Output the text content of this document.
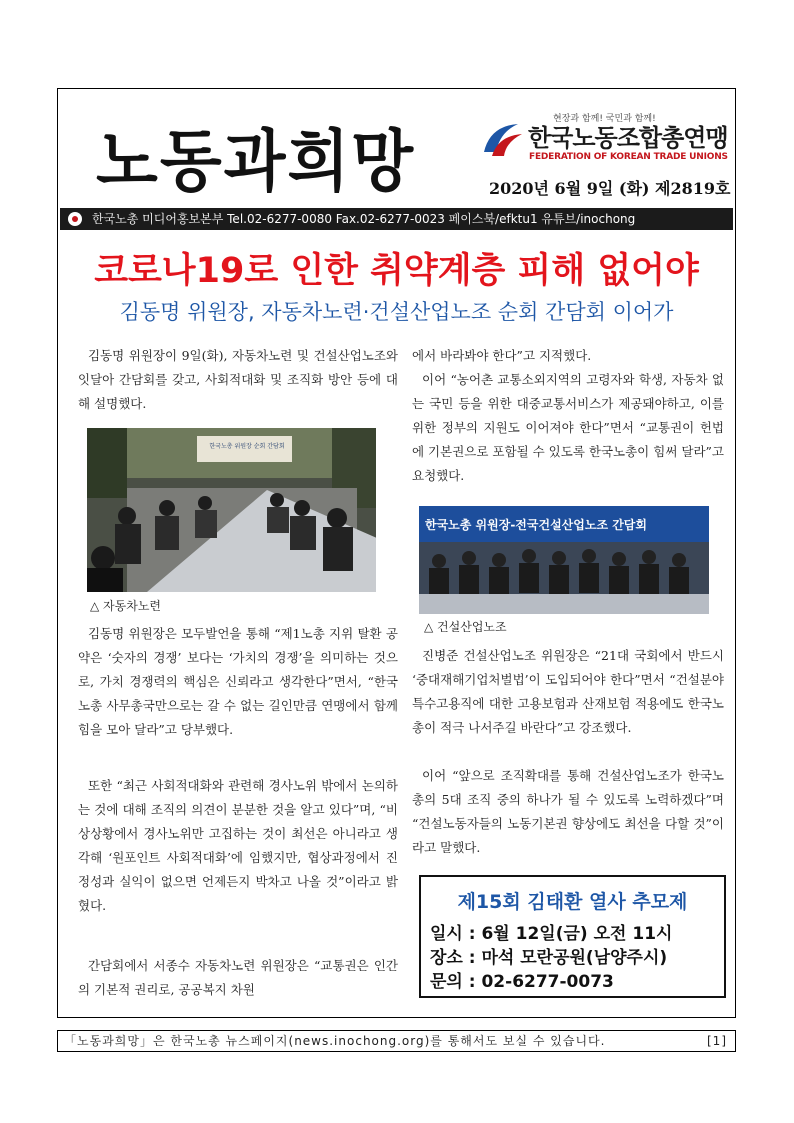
노동과희망
현장과 함께! 국민과 함께!
한국노동조합총연맹
FEDERATION OF KOREAN TRADE UNIONS
2020년 6월 9일 (화) 제2819호
한국노총 미디어홍보본부 Tel.02-6277-0080 Fax.02-6277-0023 페이스북/efktu1 유튜브/inochong
코로나19로 인한 취약계층 피해 없어야
김동명 위원장, 자동차노련·건설산업노조 순회 간담회 이어가
김동명 위원장이 9일(화), 자동차노련 및 건설산업노조와 잇달아 간담회를 갖고, 사회적대화 및 조직화 방안 등에 대해 설명했다.
한국노총 위원장 순회 간담회
△ 자동차노련
김동명 위원장은 모두발언을 통해 “제1노총 지위 탈환 공약은 ‘숫자의 경쟁’ 보다는 ‘가치의 경쟁’을 의미하는 것으로, 가치 경쟁력의 핵심은 신뢰라고 생각한다”면서, “한국노총 사무총국만으로는 갈 수 없는 길인만큼 연맹에서 함께 힘을 모아 달라”고 당부했다.
또한 “최근 사회적대화와 관련해 경사노위 밖에서 논의하는 것에 대해 조직의 의견이 분분한 것을 알고 있다”며, “비상상황에서 경사노위만 고집하는 것이 최선은 아니라고 생각해 ‘원포인트 사회적대화’에 임했지만, 협상과정에서 진정성과 실익이 없으면 언제든지 박차고 나올 것”이라고 밝혔다.
간담회에서 서종수 자동차노련 위원장은 “교통권은 인간의 기본적 권리로, 공공복지 차원
에서 바라봐야 한다”고 지적했다.
이어 “농어촌 교통소외지역의 고령자와 학생, 자동차 없는 국민 등을 위한 대중교통서비스가 제공돼야하고, 이를 위한 정부의 지원도 이어져야 한다”면서 “교통권이 헌법에 기본권으로 포함될 수 있도록 한국노총이 힘써 달라”고 요청했다.
한국노총 위원장-전국건설산업노조 간담회
△ 건설산업노조
진병준 건설산업노조 위원장은 “21대 국회에서 반드시 ‘중대재해기업처벌법’이 도입되어야 한다”면서 “건설분야 특수고용직에 대한 고용보험과 산재보험 적용에도 한국노총이 적극 나서주길 바란다”고 강조했다.
이어 “앞으로 조직확대를 통해 건설산업노조가 한국노총의 5대 조직 중의 하나가 될 수 있도록 노력하겠다”며 “건설노동자들의 노동기본권 향상에도 최선을 다할 것”이라고 말했다.
제15회 김태환 열사 추모제
일시 : 6월 12일(금) 오전 11시
장소 : 마석 모란공원(남양주시)
문의 : 02-6277-0073
「노동과희망」은 한국노총 뉴스페이지(news.inochong.org)를 통해서도 보실 수 있습니다.	[1]
